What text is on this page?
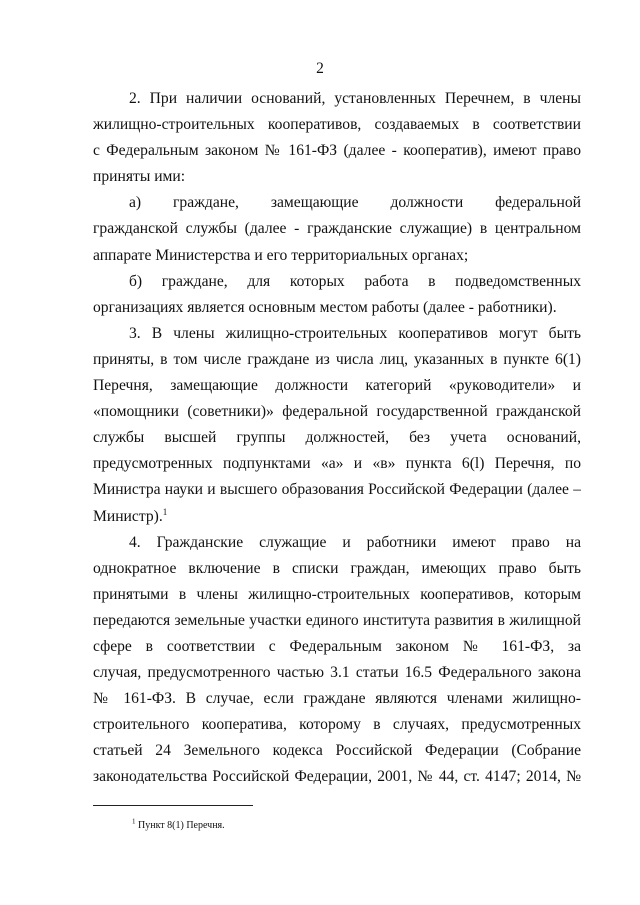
2
2. При наличии оснований, установленных Перечнем, в члены
жилищно-строительных кооперативов, создаваемых в соответствии
с Федеральным законом № 161-ФЗ (далее - кооператив), имеют право
приняты ими:
а) граждане, замещающие должности федеральной
гражданской службы (далее - гражданские служащие) в центральном
аппарате Министерства и его территориальных органах;
б) граждане, для которых работа в подведомственных
организациях является основным местом работы (далее - работники).
3. В члены жилищно-строительных кооперативов могут быть
приняты, в том числе граждане из числа лиц, указанных в пункте 6(1)
Перечня, замещающие должности категорий «руководители» и
«помощники (советники)» федеральной государственной гражданской
службы высшей группы должностей, без учета оснований,
предусмотренных подпунктами «а» и «в» пункта 6(l) Перечня, по
Министра науки и высшего образования Российской Федерации (далее –
Министр).$^1$
4. Гражданские служащие и работники имеют право на
однократное включение в списки граждан, имеющих право быть
принятыми в члены жилищно-строительных кооперативов, которым
передаются земельные участки единого института развития в жилищной
сфере в соответствии с Федеральным законом № 161-ФЗ, за
случая, предусмотренного частью 3.1 статьи 16.5 Федерального закона
№ 161-ФЗ. В случае, если граждане являются членами жилищно-
строительного кооператива, которому в случаях, предусмотренных
статьей 24 Земельного кодекса Российской Федерации (Собрание
законодательства Российской Федерации, 2001, № 44, ст. 4147; 2014, №
$^1$ Пункт 8(1) Перечня.
